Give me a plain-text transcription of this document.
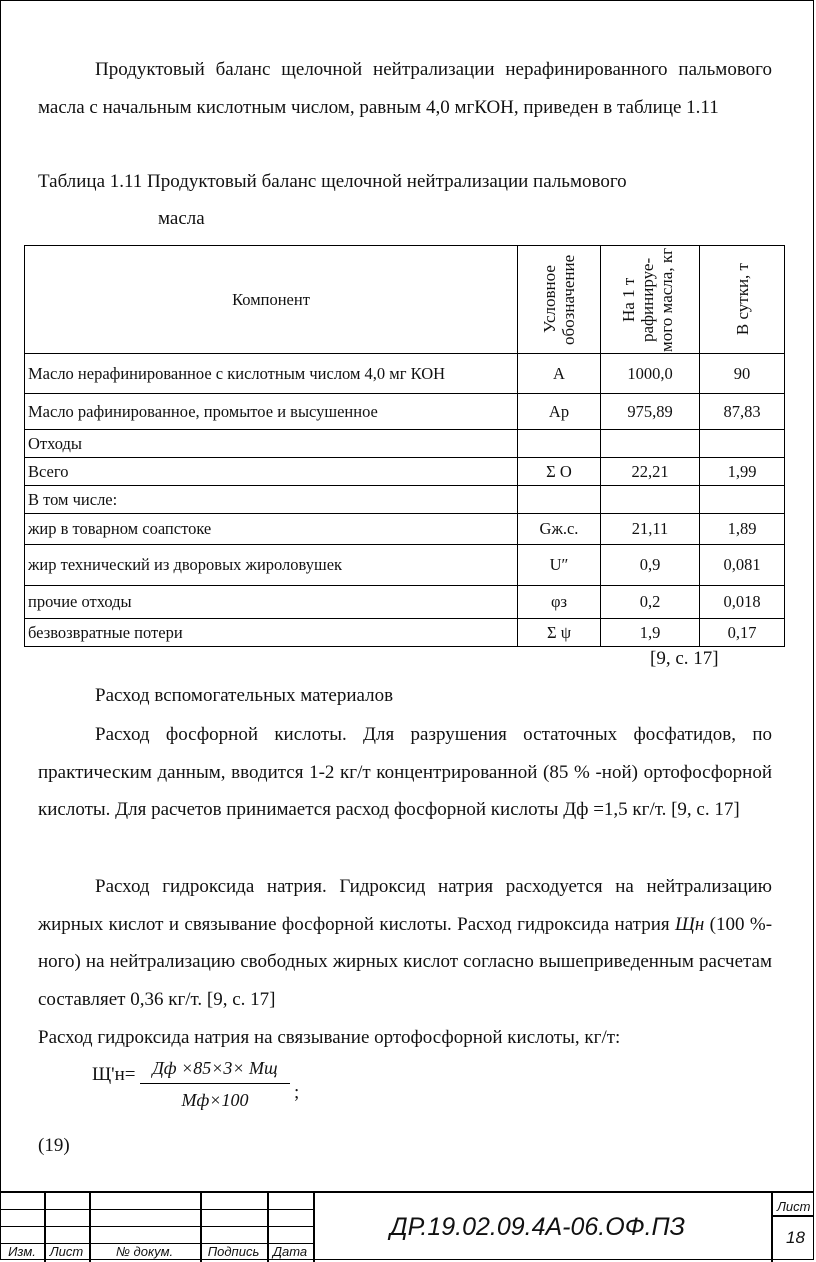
Продуктовый баланс щелочной нейтрализации нерафинированного пальмового масла с начальным кислотным числом, равным 4,0 мгКОН, приведен в таблице 1.11

Таблица 1.11 Продуктовый баланс щелочной нейтрализации пальмового
масла
Компонент	Условное обозначение	На 1 т рафинируе-мого масла, кг	В сутки, т

Масло нерафинированное с кислотным числом 4,0 мг КОН	А	1000,0	90
Масло рафинированное, промытое и высушенное	Ар	975,89	87,83
Отходы			
Всего	Σ О	22,21	1,99
В том числе:			
жир в товарном соапстоке	Gж.с.	21,11	1,89
жир технический из дворовых жироловушек	U″	0,9	0,081
прочие отходы	φз	0,2	0,018
безвозвратные потери	Σ ψ	1,9	0,17
[9, с. 17]

Расход вспомогательных материалов

Расход фосфорной кислоты. Для разрушения остаточных фосфатидов, по практическим данным, вводится 1-2 кг/т концентрированной (85 % -ной) ортофосфорной кислоты. Для расчетов принимается расход фосфорной кислоты Дф =1,5 кг/т. [9, с. 17]

Расход гидроксида натрия. Гидроксид натрия расходуется на нейтрализацию жирных кислот и связывание фосфорной кислоты. Расход гидроксида натрия Щн (100 %-ного) на нейтрализацию свободных жирных кислот согласно вышеприведенным расчетам составляет 0,36 кг/т. [9, с. 17]

Расход гидроксида натрия на связывание ортофосфорной кислоты, кг/т:

Щ'н= Дф ×85×3× Мщ
Мф×100	;
(19)
Изм.	Лист	№ докум.	Подпись	Дата
ДР.19.02.09.4А-06.ОФ.ПЗ
Лист
18
